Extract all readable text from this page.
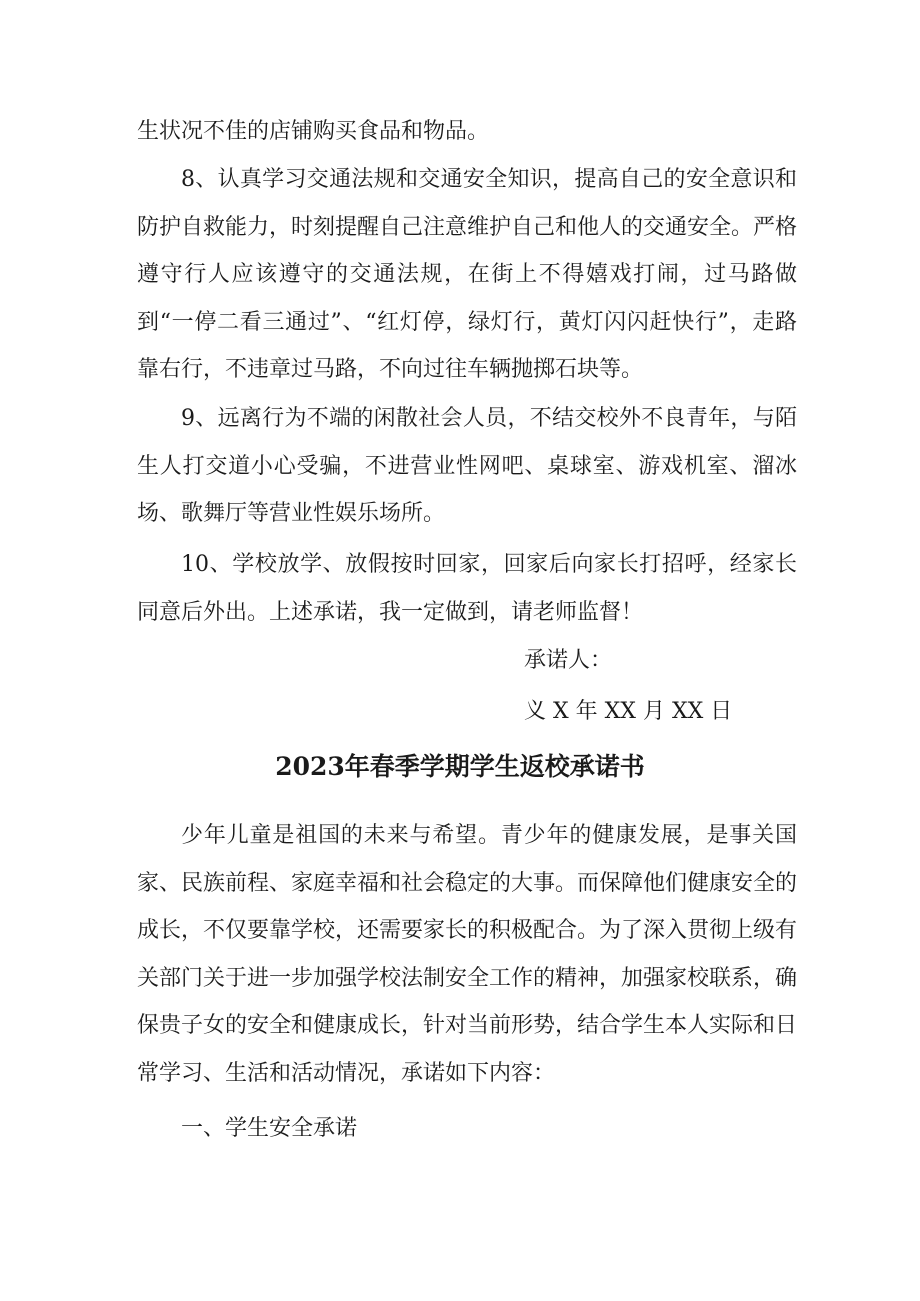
生状况不佳的店铺购买食品和物品。
8、认真学习交通法规和交通安全知识，提高自己的安全意识和防护自救能力，时刻提醒自己注意维护自己和他人的交通安全。严格遵守行人应该遵守的交通法规，在街上不得嬉戏打闹，过马路做到“一停二看三通过”、“红灯停，绿灯行，黄灯闪闪赶快行”，走路靠右行，不违章过马路，不向过往车辆抛掷石块等。
9、远离行为不端的闲散社会人员，不结交校外不良青年，与陌生人打交道小心受骗，不进营业性网吧、桌球室、游戏机室、溜冰场、歌舞厅等营业性娱乐场所。
10、学校放学、放假按时回家，回家后向家长打招呼，经家长同意后外出。上述承诺，我一定做到，请老师监督！
承诺人：
义 X 年 XX 月 XX 日
2023年春季学期学生返校承诺书
少年儿童是祖国的未来与希望。青少年的健康发展，是事关国家、民族前程、家庭幸福和社会稳定的大事。而保障他们健康安全的成长，不仅要靠学校，还需要家长的积极配合。为了深入贯彻上级有关部门关于进一步加强学校法制安全工作的精神，加强家校联系，确保贵子女的安全和健康成长，针对当前形势，结合学生本人实际和日常学习、生活和活动情况，承诺如下内容：
一、学生安全承诺
